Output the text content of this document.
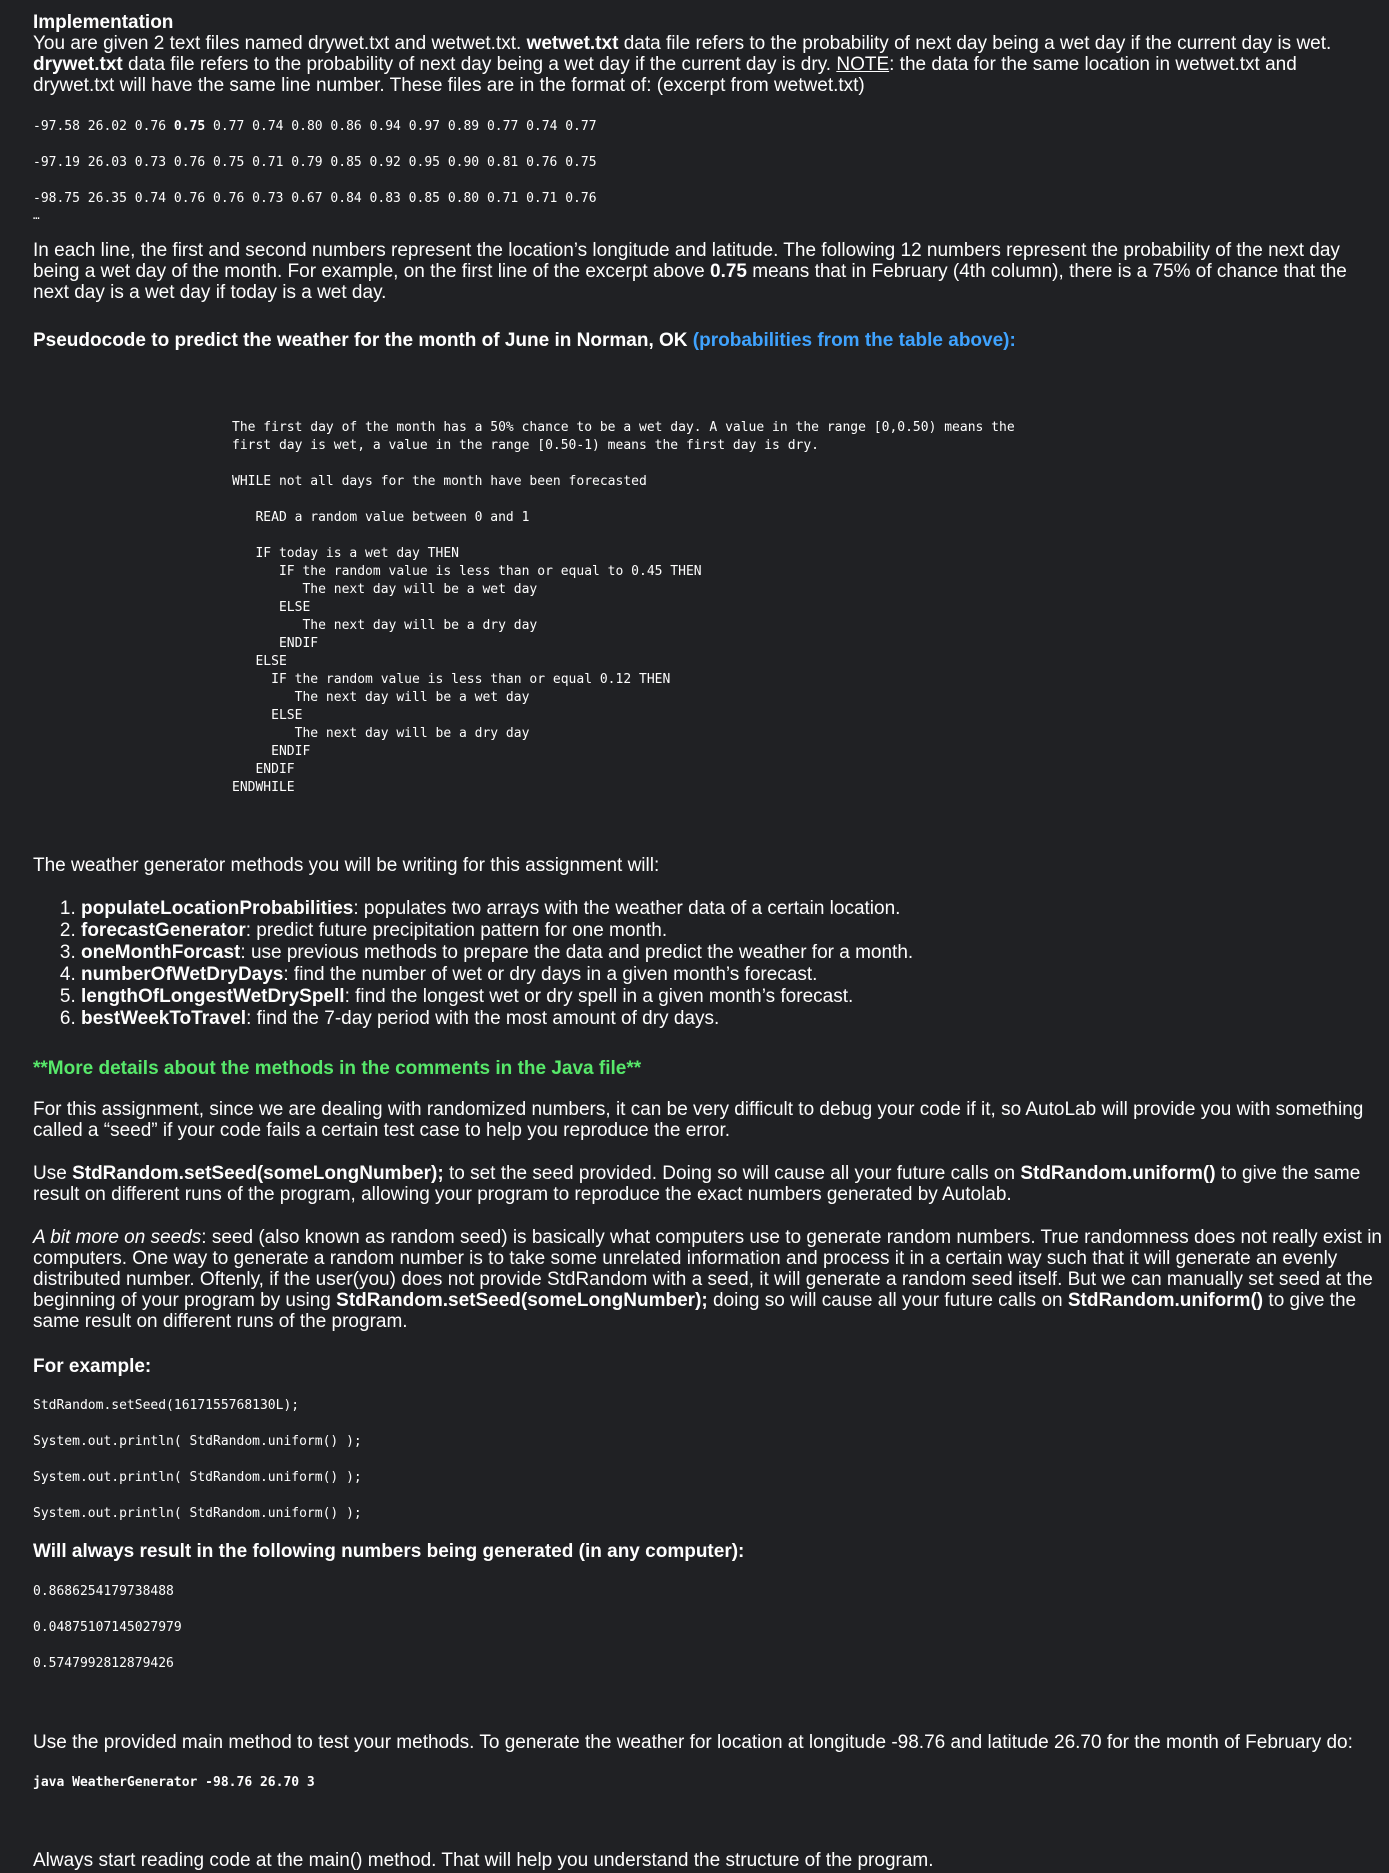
Implementation

You are given 2 text files named drywet.txt and wetwet.txt. wetwet.txt data file refers to the probability of next day being a wet day if the current day is wet. drywet.txt data file refers to the probability of next day being a wet day if the current day is dry. NOTE: the data for the same location in wetwet.txt and drywet.txt will have the same line number. These files are in the format of: (excerpt from wetwet.txt)

-97.58 26.02 0.76 0.75 0.77 0.74 0.80 0.86 0.94 0.97 0.89 0.77 0.74 0.77
-97.19 26.03 0.73 0.76 0.75 0.71 0.79 0.85 0.92 0.95 0.90 0.81 0.76 0.75
-98.75 26.35 0.74 0.76 0.76 0.73 0.67 0.84 0.83 0.85 0.80 0.71 0.71 0.76
…
In each line, the first and second numbers represent the location’s longitude and latitude. The following 12 numbers represent the probability of the next day being a wet day of the month. For example, on the first line of the excerpt above 0.75 means that in February (4th column), there is a 75% of chance that the next day is a wet day if today is a wet day.
Pseudocode to predict the weather for the month of June in Norman, OK (probabilities from the table above):
The first day of the month has a 50% chance to be a wet day. A value in the range [0,0.50) means the
first day is wet, a value in the range [0.50-1) means the first day is dry.
WHILE not all days for the month have been forecasted
READ a random value between 0 and 1
IF today is a wet day THEN
IF the random value is less than or equal to 0.45 THEN
The next day will be a wet day
ELSE
The next day will be a dry day
ENDIF
ELSE
IF the random value is less than or equal 0.12 THEN
The next day will be a wet day
ELSE
The next day will be a dry day
ENDIF
ENDIF
ENDWHILE
The weather generator methods you will be writing for this assignment will:
1. populateLocationProbabilities: populates two arrays with the weather data of a certain location.
2. forecastGenerator: predict future precipitation pattern for one month.
3. oneMonthForcast: use previous methods to prepare the data and predict the weather for a month.
4. numberOfWetDryDays: find the number of wet or dry days in a given month’s forecast.
5. lengthOfLongestWetDrySpell: find the longest wet or dry spell in a given month’s forecast.
6. bestWeekToTravel: find the 7-day period with the most amount of dry days.
**More details about the methods in the comments in the Java file**
For this assignment, since we are dealing with randomized numbers, it can be very difficult to debug your code if it, so AutoLab will provide you with something called a “seed” if your code fails a certain test case to help you reproduce the error.
Use StdRandom.setSeed(someLongNumber); to set the seed provided. Doing so will cause all your future calls on StdRandom.uniform() to give the same result on different runs of the program, allowing your program to reproduce the exact numbers generated by Autolab.
A bit more on seeds: seed (also known as random seed) is basically what computers use to generate random numbers. True randomness does not really exist in computers. One way to generate a random number is to take some unrelated information and process it in a certain way such that it will generate an evenly distributed number. Oftenly, if the user(you) does not provide StdRandom with a seed, it will generate a random seed itself. But we can manually set seed at the beginning of your program by using StdRandom.setSeed(someLongNumber); doing so will cause all your future calls on StdRandom.uniform() to give the same result on different runs of the program.
For example:
StdRandom.setSeed(1617155768130L);
System.out.println( StdRandom.uniform() );
System.out.println( StdRandom.uniform() );
System.out.println( StdRandom.uniform() );
Will always result in the following numbers being generated (in any computer):
0.8686254179738488
0.04875107145027979
0.5747992812879426
Use the provided main method to test your methods. To generate the weather for location at longitude -98.76 and latitude 26.70 for the month of February do:
java WeatherGenerator -98.76 26.70 3
Always start reading code at the main() method. That will help you understand the structure of the program.
